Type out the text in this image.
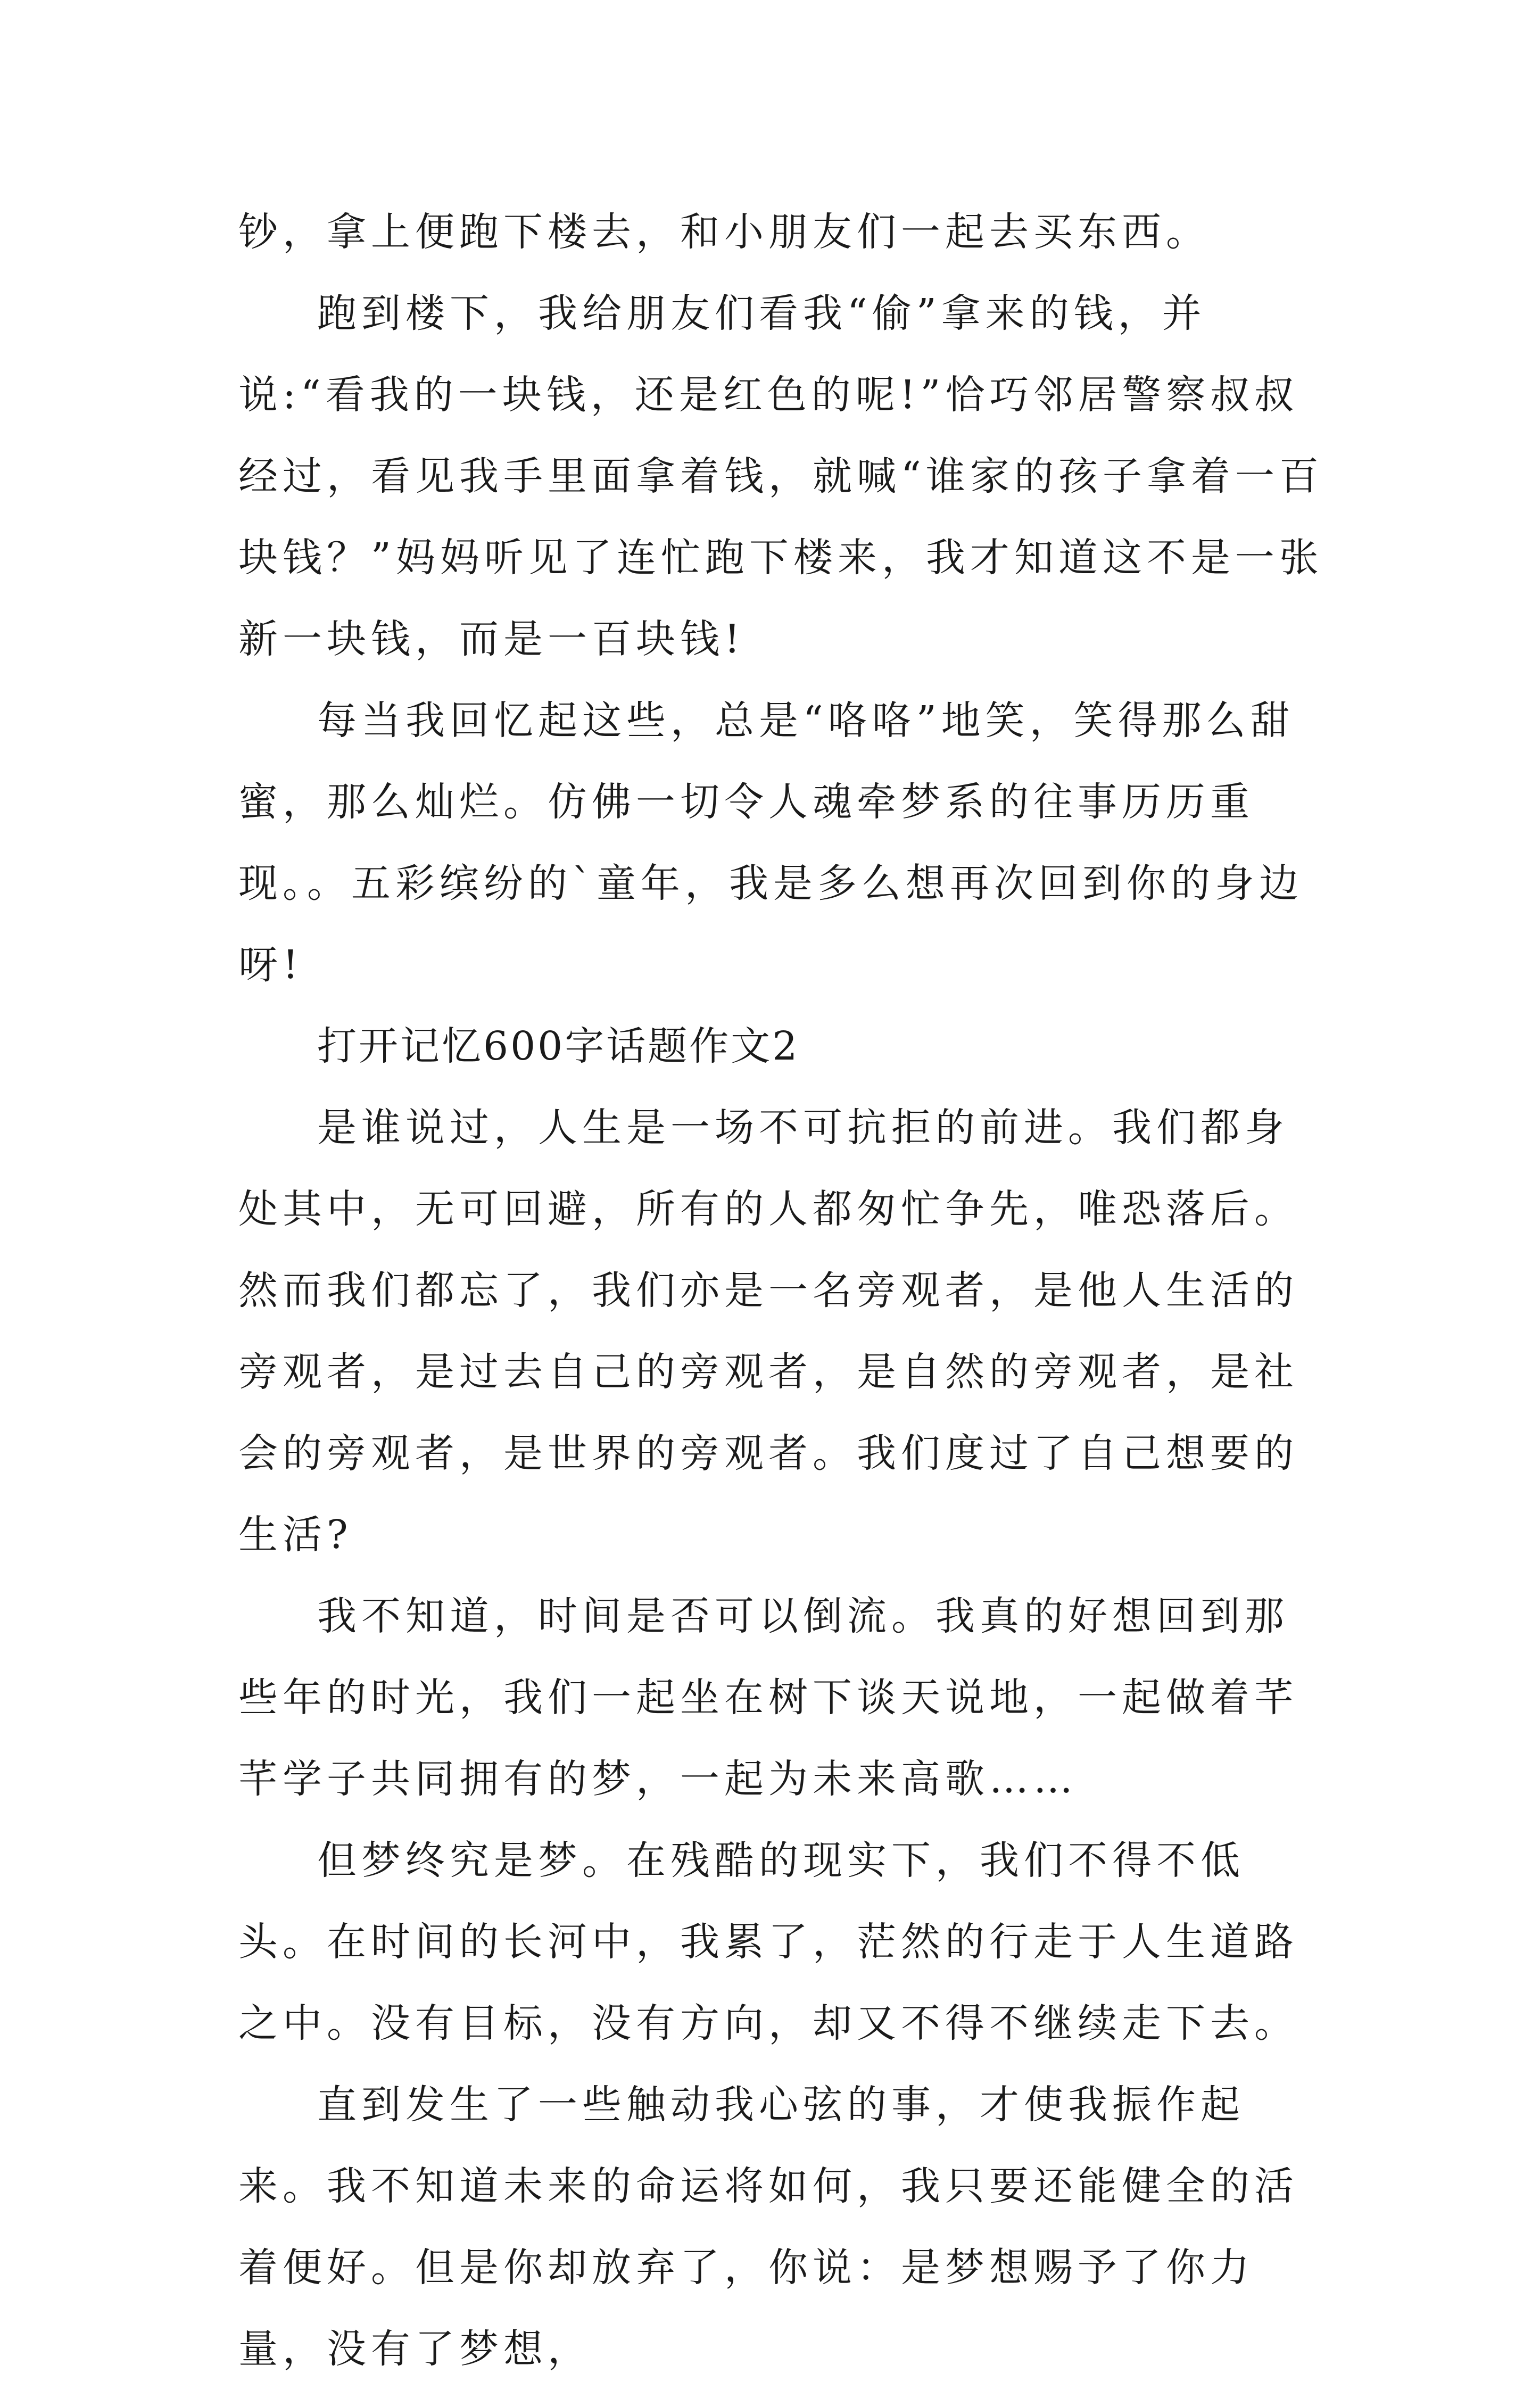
钞，拿上便跑下楼去，和小朋友们一起去买东西。

跑到楼下，我给朋友们看我“偷”拿来的钱，并说:“看我的一块钱，还是红色的呢!”恰巧邻居警察叔叔经过，看见我手里面拿着钱，就喊“谁家的孩子拿着一百块钱？”妈妈听见了连忙跑下楼来，我才知道这不是一张新一块钱，而是一百块钱!

每当我回忆起这些，总是“咯咯”地笑，笑得那么甜蜜，那么灿烂。仿佛一切令人魂牵梦系的往事历历重现。。五彩缤纷的`童年，我是多么想再次回到你的身边呀!

打开记忆600字话题作文2

是谁说过，人生是一场不可抗拒的前进。我们都身处其中，无可回避，所有的人都匆忙争先，唯恐落后。然而我们都忘了，我们亦是一名旁观者，是他人生活的旁观者，是过去自己的旁观者，是自然的旁观者，是社会的旁观者，是世界的旁观者。我们度过了自己想要的生活?

我不知道，时间是否可以倒流。我真的好想回到那些年的时光，我们一起坐在树下谈天说地，一起做着芊芊学子共同拥有的梦，一起为未来高歌……

但梦终究是梦。在残酷的现实下，我们不得不低头。在时间的长河中，我累了，茫然的行走于人生道路之中。没有目标，没有方向，却又不得不继续走下去。

直到发生了一些触动我心弦的事，才使我振作起来。我不知道未来的命运将如何，我只要还能健全的活着便好。但是你却放弃了，你说：是梦想赐予了你力量，没有了梦想，
